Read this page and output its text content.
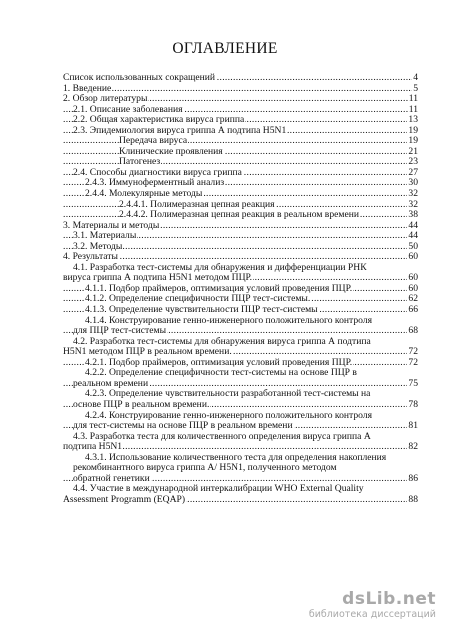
ОГЛАВЛЕНИЕ
Список использованных сокращений	4
.....
1. Введение	5
.....
2. Обзор литературы	11
.....
2.1. Описание заболевания	11
.....
2.2. Общая характеристика вируса гриппа	13
.....
2.3. Эпидемиология вируса гриппа А подтипа H5N1	19
.....
Передача вируса	19
.....
Клинические проявления	21
.....
Патогенез	23
.....
2.4. Способы диагностики вируса гриппа	27
.....
2.4.3. Иммуноферментный анализ	30
.....
2.4.4. Молекулярные методы	32
.....
2.4.4.1. Полимеразная цепная реакция	32
.....
2.4.4.2. Полимеразная цепная реакция в реальном времени	38
.....
3. Материалы и методы	44
.....
3.1. Материалы	44
.....
3.2. Методы	50
.....
4. Результаты	60
.....
4.1. Разработка тест-системы для обнаружения и дифференциации РНК
вируса гриппа А подтипа H5N1 методом ПЦР.	60
.....
4.1.1. Подбор праймеров, оптимизация условий проведения ПЦР.	60
.....
4.1.2. Определение специфичности ПЦР тест-системы.	62
.....
4.1.3. Определение чувствительности ПЦР тест-системы	66
.....
4.1.4. Конструирование генно-инженерного положительного контроля
для ПЦР тест-системы	68
.....
4.2. Разработка тест-системы для обнаружения вируса гриппа А подтипа
H5N1 методом ПЦР в реальном времени.	72
.....
4.2.1. Подбор праймеров, оптимизация условий проведения ПЦР.	72
.....
4.2.2. Определение специфичности тест-системы на основе ПЦР в
реальном времени	75
.....
4.2.3. Определение чувствительности разработанной тест-системы на
основе ПЦР в реальном времени.	78
.....
4.2.4. Конструирование генно-инженерного положительного контроля
для тест-системы на основе ПЦР в реальном времени	81
.....
4.3. Разработка теста для количественного определения вируса гриппа А
подтипа H5N1	82
.....
4.3.1. Использование количественного теста для определения накопления
рекомбинантного вируса гриппа А/ H5N1, полученного методом
обратной генетики	86
.....
4.4. Участие в международной интеркалибрации WHO External Quality
Assessment Programm (EQAP)	88
.....
dsLib.net
библиотека диссертаций
